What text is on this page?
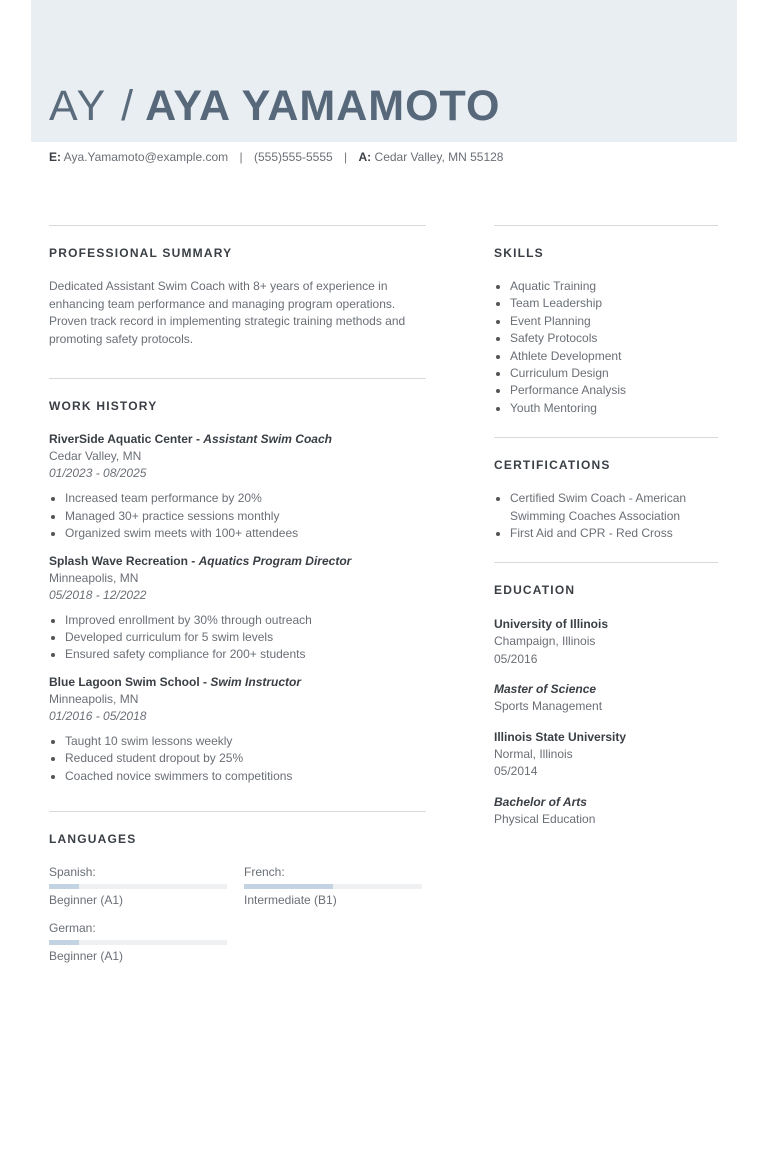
AY / AYA YAMAMOTO
E: Aya.Yamamoto@example.com | (555)555-5555 | A: Cedar Valley, MN 55128
PROFESSIONAL SUMMARY

Dedicated Assistant Swim Coach with 8+ years of experience in enhancing team performance and managing program operations. Proven track record in implementing strategic training methods and promoting safety protocols.

WORK HISTORY
RiverSide Aquatic Center - Assistant Swim Coach
Cedar Valley, MN
01/2023 - 08/2025
Increased team performance by 20%
Managed 30+ practice sessions monthly
Organized swim meets with 100+ attendees
Splash Wave Recreation - Aquatics Program Director
Minneapolis, MN
05/2018 - 12/2022
Improved enrollment by 30% through outreach
Developed curriculum for 5 swim levels
Ensured safety compliance for 200+ students
Blue Lagoon Swim School - Swim Instructor
Minneapolis, MN
01/2016 - 05/2018
Taught 10 swim lessons weekly
Reduced student dropout by 25%
Coached novice swimmers to competitions
LANGUAGES
Spanish:
Beginner (A1)
French:
Intermediate (B1)
German:
Beginner (A1)
SKILLS
Aquatic Training
Team Leadership
Event Planning
Safety Protocols
Athlete Development
Curriculum Design
Performance Analysis
Youth Mentoring
CERTIFICATIONS
Certified Swim Coach - American Swimming Coaches Association
First Aid and CPR - Red Cross
EDUCATION
University of Illinois
Champaign, Illinois
05/2016
Master of Science
Sports Management
Illinois State University
Normal, Illinois
05/2014
Bachelor of Arts
Physical Education
